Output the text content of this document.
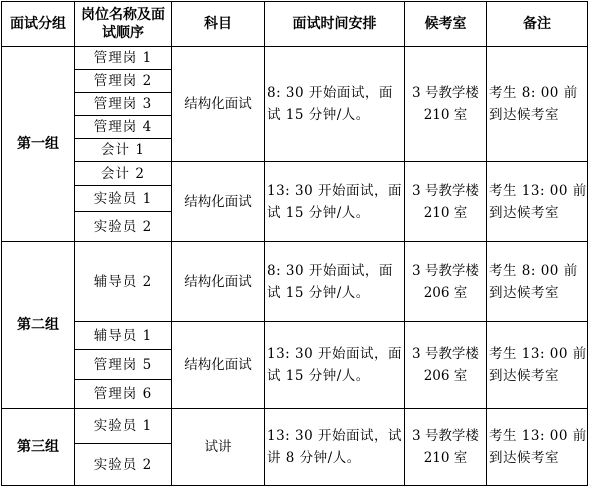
面试分组	岗位名称及面试顺序	科目	面试时间安排	候考室	备注
第一组	管理岗 1	结构化面试	8: 30 开始面试，面试 15 分钟/人。	3 号教学楼 210 室	考生 8: 00 前到达候考室
	管理岗 2				
	管理岗 3				
	管理岗 4				
	会计 1				
	会计 2	结构化面试	13: 30 开始面试，面试 15 分钟/人。	3 号教学楼 210 室	考生 13: 00 前到达候考室
	实验员 1				
	实验员 2				
第二组	辅导员 2	结构化面试	8: 30 开始面试，面试 15 分钟/人。	3 号教学楼 206 室	考生 8: 00 前到达候考室
	辅导员 1	结构化面试	13: 30 开始面试，面试 15 分钟/人。	3 号教学楼 206 室	考生 13: 00 前到达候考室
	管理岗 5				
	管理岗 6				
第三组	实验员 1	试讲	13: 30 开始面试，试讲 8 分钟/人。	3 号教学楼 210 室	考生 13: 00 前到达候考室
	实验员 2				
